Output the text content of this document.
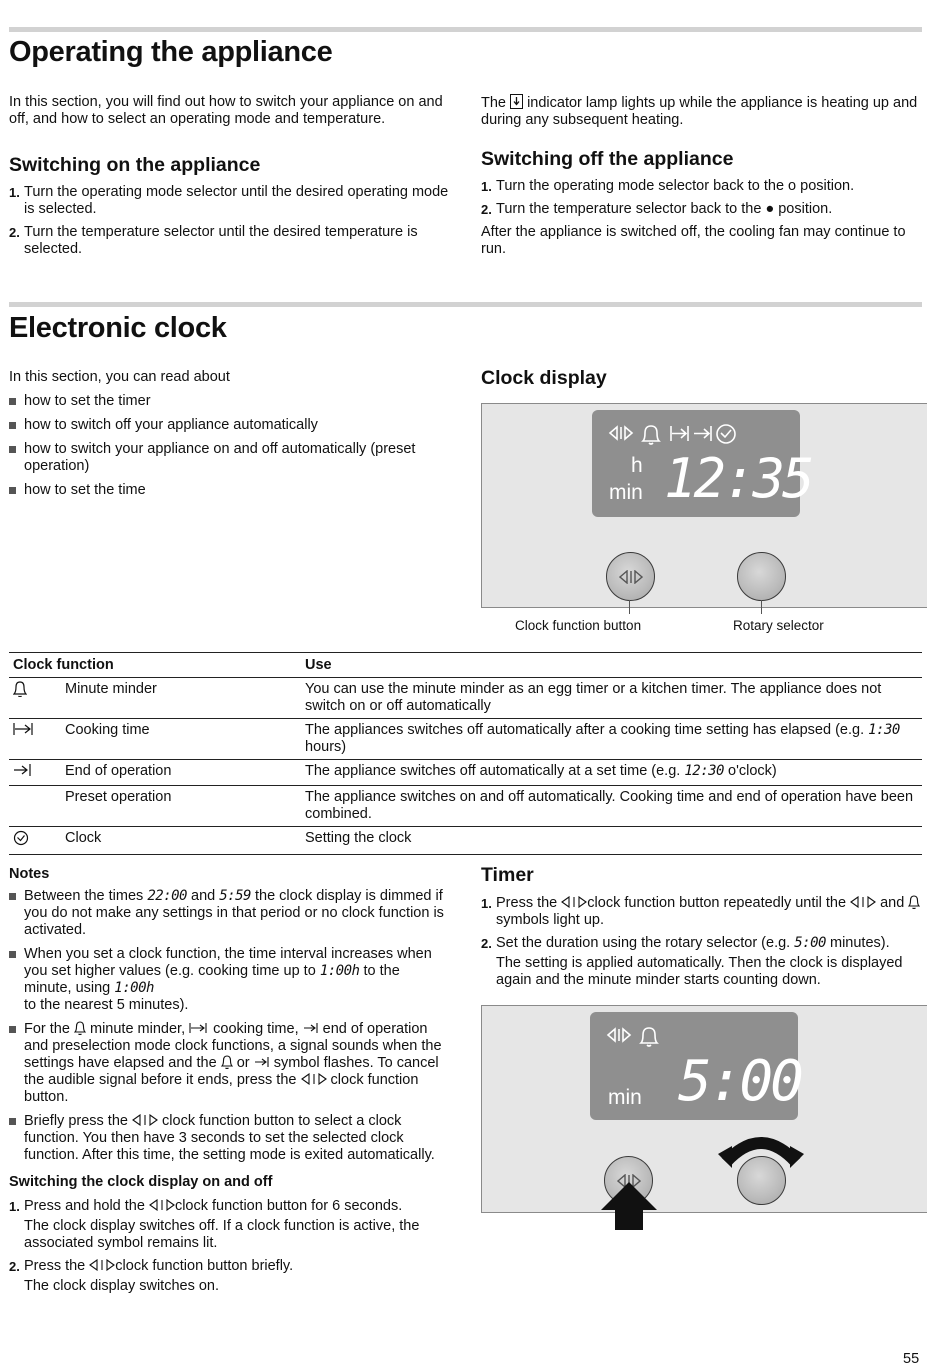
Operating the appliance

In this section, you will find out how to switch your appliance on and off, and how to select an operating mode and temperature.

Switching on the appliance
1. Turn the operating mode selector until the desired operating mode is selected.
2. Turn the temperature selector until the desired temperature is selected.

The indicator lamp lights up while the appliance is heating up and during any subsequent heating.

Switching off the appliance
1. Turn the operating mode selector back to the o position.
2. Turn the temperature selector back to the ● position.

After the appliance is switched off, the cooling fan may continue to run.

Electronic clock

In this section, you can read about

how to set the timer
how to switch off your appliance automatically
how to switch your appliance on and off automatically (preset operation)
how to set the time
Clock display
h
min 12:35
Clock function button	Rotary selector
Clock function		Use
	Minute minder	You can use the minute minder as an egg timer or a kitchen timer. The appliance does not switch on or off automatically
	Cooking time	The appliances switches off automatically after a cooking time setting has elapsed (e.g. 1:30 hours)
	End of operation	The appliance switches off automatically at a set time (e.g. 12:30 o'clock)
	Preset operation	The appliance switches on and off automatically. Cooking time and end of operation have been combined.
	Clock	Setting the clock
Notes
Between the times 22:00 and 5:59 the clock display is dimmed if you do not make any settings in that period or no clock function is activated.
When you set a clock function, the time interval increases when you set higher values (e.g. cooking time up to 1:00h to the minute, using 1:00h
to the nearest 5 minutes).
For the minute minder, cooking time, end of operation and preselection mode clock functions, a signal sounds when the settings have elapsed and the or symbol flashes. To cancel the audible signal before it ends, press the clock function button.
Briefly press the clock function button to select a clock function. You then have 3 seconds to set the selected clock function. After this time, the setting mode is exited automatically.
Switching the clock display on and off
1. Press and hold the clock function button for 6 seconds.
The clock display switches off. If a clock function is active, the associated symbol remains lit.
2. Press the clock function button briefly.
The clock display switches on.
Timer
1. Press the clock function button repeatedly until the and  symbols light up.
2. Set the duration using the rotary selector (e.g. 5:00 minutes).
The setting is applied automatically. Then the clock is displayed again and the minute minder starts counting down.
min 5:00
55
